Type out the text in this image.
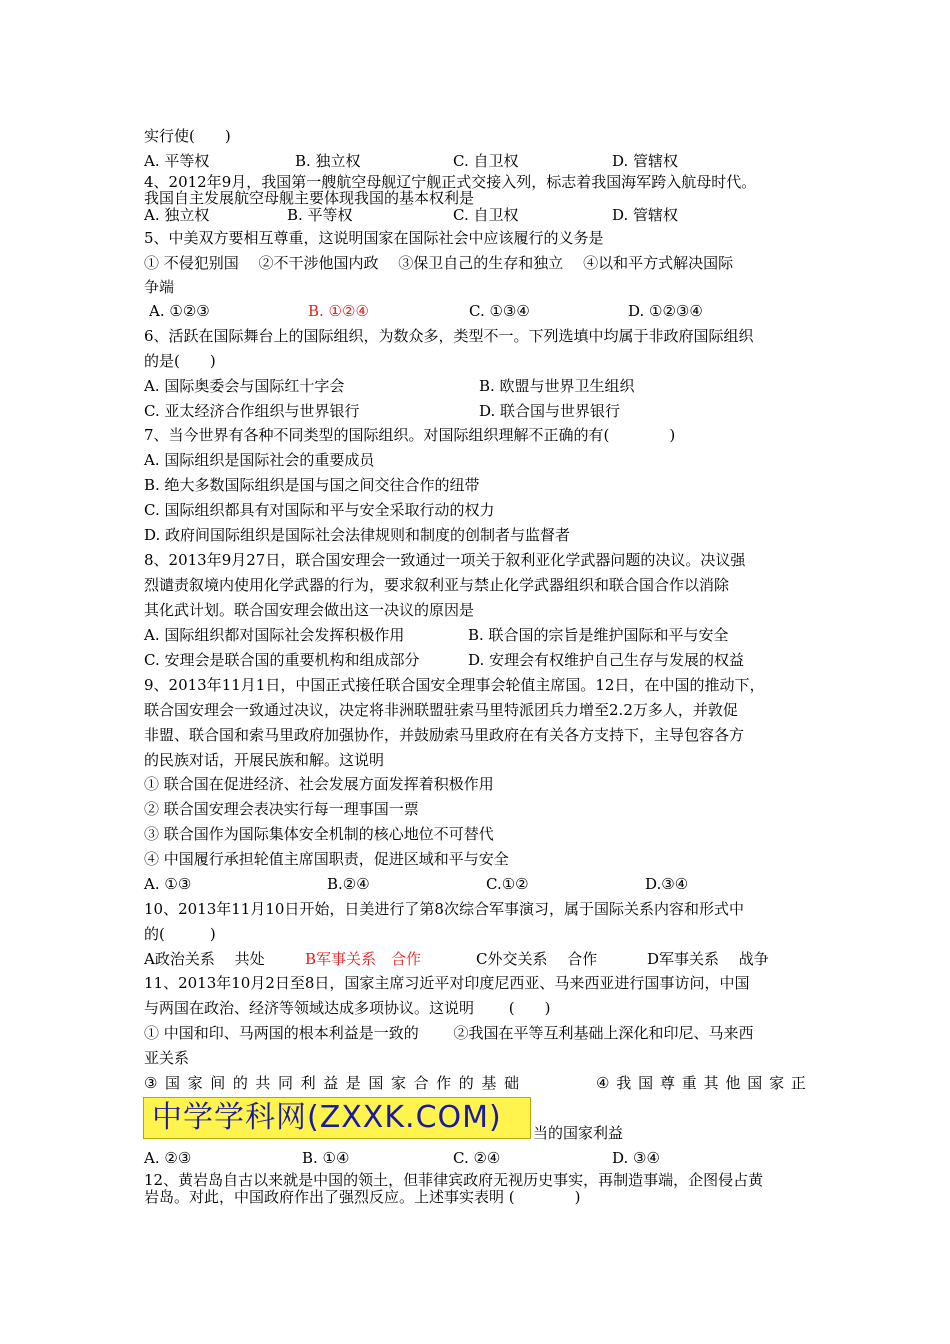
实行使(　　)
A. 平等权	B. 独立权	C. 自卫权	D. 管辖权
4、2012年9月，我国第一艘航空母舰辽宁舰正式交接入列，标志着我国海军跨入航母时代。
我国自主发展航空母舰主要体现我国的基本权利是
A. 独立权	B. 平等权	C. 自卫权	D. 管辖权
5、中美双方要相互尊重，这说明国家在国际社会中应该履行的义务是
① 不侵犯别国　 ②不干涉他国内政　 ③保卫自己的生存和独立　 ④以和平方式解决国际
争端
A. ①②③	B. ①②④	C. ①③④	D. ①②③④
6、活跃在国际舞台上的国际组织，为数众多，类型不一。下列选填中均属于非政府国际组织
的是(　　)
A. 国际奥委会与国际红十字会	B. 欧盟与世界卫生组织
C. 亚太经济合作组织与世界银行	D. 联合国与世界银行
7、当今世界有各种不同类型的国际组织。对国际组织理解不正确的有(　　　　)
A. 国际组织是国际社会的重要成员
B. 绝大多数国际组织是国与国之间交往合作的纽带
C. 国际组织都具有对国际和平与安全采取行动的权力
D. 政府间国际组织是国际社会法律规则和制度的创制者与监督者
8、2013年9月27日，联合国安理会一致通过一项关于叙利亚化学武器问题的决议。决议强
烈谴责叙境内使用化学武器的行为，要求叙利亚与禁止化学武器组织和联合国合作以消除
其化武计划。联合国安理会做出这一决议的原因是
A. 国际组织都对国际社会发挥积极作用	B. 联合国的宗旨是维护国际和平与安全
C. 安理会是联合国的重要机构和组成部分	D. 安理会有权维护自己生存与发展的权益
9、2013年11月1日，中国正式接任联合国安全理事会轮值主席国。12日，在中国的推动下，
联合国安理会一致通过决议，决定将非洲联盟驻索马里特派团兵力增至2.2万多人，并敦促
非盟、联合国和索马里政府加强协作，并鼓励索马里政府在有关各方支持下，主导包容各方
的民族对话，开展民族和解。这说明
① 联合国在促进经济、社会发展方面发挥着积极作用
② 联合国安理会表决实行每一理事国一票
③ 联合国作为国际集体安全机制的核心地位不可替代
④ 中国履行承担轮值主席国职责，促进区域和平与安全
A. ①③	B.②④	C.①②	D.③④
10、2013年11月10日开始，日美进行了第8次综合军事演习，属于国际关系内容和形式中
的(　　　)
A政治关系　 共处	B军事关系　合作	C外交关系　 合作	D军事关系　 战争
11、2013年10月2日至8日，国家主席习近平对印度尼西亚、马来西亚进行国事访问，中国
与两国在政治、经济等领域达成多项协议。这说明　　 (　　)
① 中国和印、马两国的根本利益是一致的　　 ②我国在平等互利基础上深化和印尼、马来西
亚关系
③ 国 家 间 的 共 同 利 益 是 国 家 合 作 的 基 础	④ 我 国 尊 重 其 他 国 家 正
中学学科网(ZXXK.COM) 当的国家利益
A. ②③	B. ①④	C. ②④	D. ③④
12、黄岩岛自古以来就是中国的领土，但菲律宾政府无视历史事实，再制造事端，企图侵占黄
岩岛。对此，中国政府作出了强烈反应。上述事实表明 (　　　　)
